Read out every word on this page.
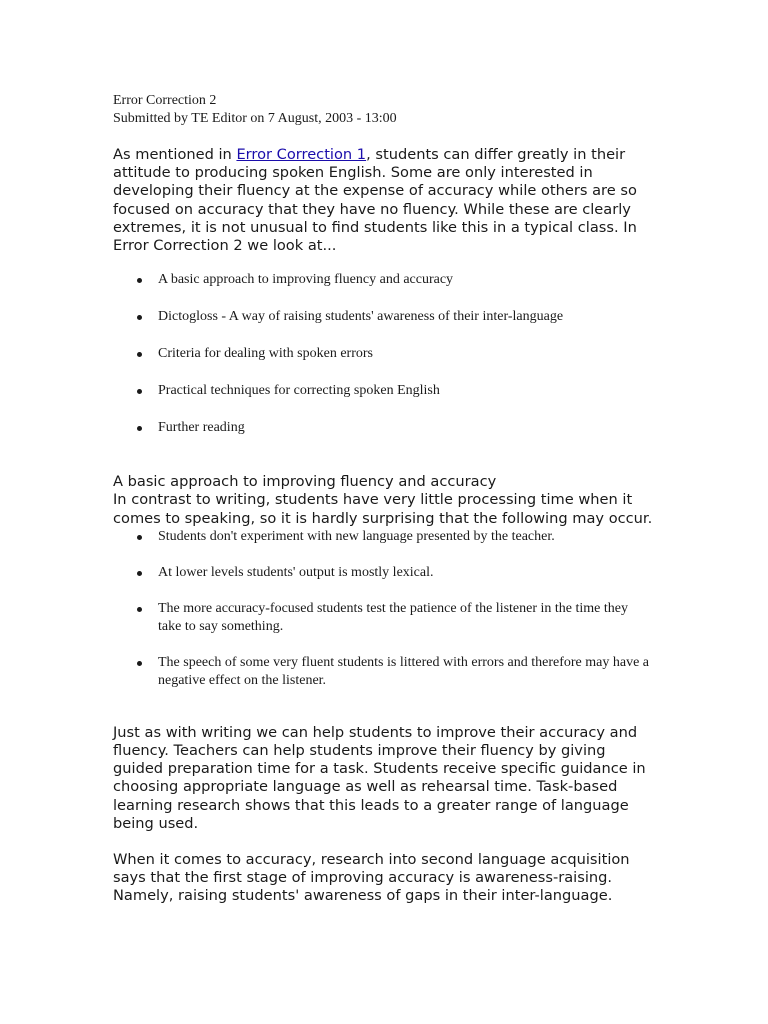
Error Correction 2

Submitted by TE Editor on 7 August, 2003 - 13:00

As mentioned in Error Correction 1, students can differ greatly in their attitude to producing spoken English. Some are only interested in developing their fluency at the expense of accuracy while others are so focused on accuracy that they have no fluency. While these are clearly extremes, it is not unusual to find students like this in a typical class. In Error Correction 2 we look at...

A basic approach to improving fluency and accuracy
Dictogloss - A way of raising students' awareness of their inter-language
Criteria for dealing with spoken errors
Practical techniques for correcting spoken English
Further reading

A basic approach to improving fluency and accuracy

In contrast to writing, students have very little processing time when it comes to speaking, so it is hardly surprising that the following may occur.

Students don't experiment with new language presented by the teacher.
At lower levels students' output is mostly lexical.
The more accuracy-focused students test the patience of the listener in the time they take to say something.
The speech of some very fluent students is littered with errors and therefore may have a negative effect on the listener.

Just as with writing we can help students to improve their accuracy and fluency. Teachers can help students improve their fluency by giving guided preparation time for a task. Students receive specific guidance in choosing appropriate language as well as rehearsal time. Task-based learning research shows that this leads to a greater range of language being used.

When it comes to accuracy, research into second language acquisition says that the first stage of improving accuracy is awareness-raising. Namely, raising students' awareness of gaps in their inter-language.
